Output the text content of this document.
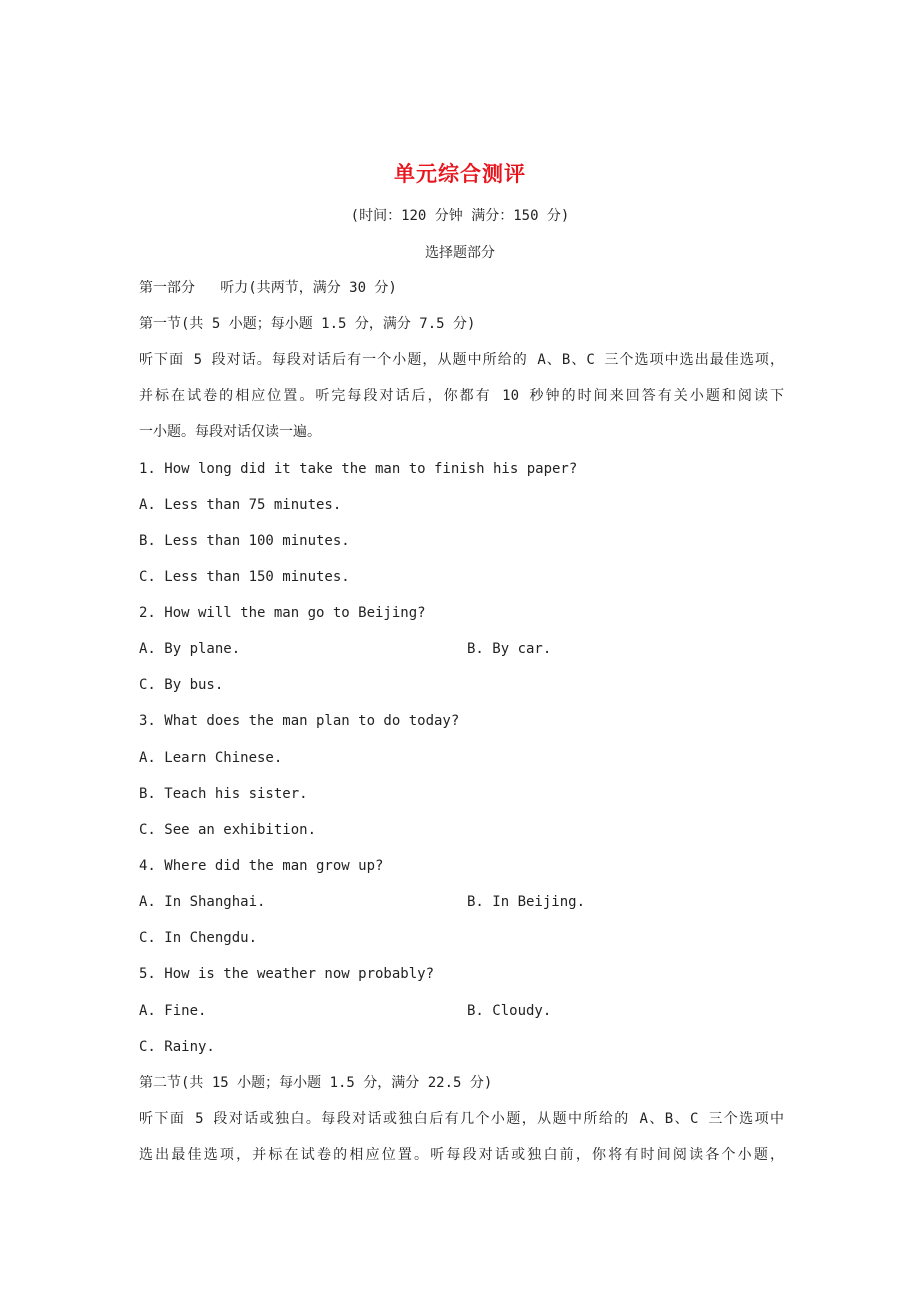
单元综合测评
(时间：120 分钟 满分：150 分)
选择题部分
第一部分   听力(共两节，满分 30 分)
第一节(共 5 小题；每小题 1.5 分，满分 7.5 分)
听下面 5 段对话。每段对话后有一个小题，从题中所给的 A、B、C 三个选项中选出最佳选项，
并标在试卷的相应位置。听完每段对话后，你都有 10 秒钟的时间来回答有关小题和阅读下
一小题。每段对话仅读一遍。
1. How long did it take the man to finish his paper?
A. Less than 75 minutes.
B. Less than 100 minutes.
C. Less than 150 minutes.
2. How will the man go to Beijing?
A. By plane.	B. By car.
C. By bus.
3. What does the man plan to do today?
A. Learn Chinese.
B. Teach his sister.
C. See an exhibition.
4. Where did the man grow up?
A. In Shanghai.	B. In Beijing.
C. In Chengdu.
5. How is the weather now probably?
A. Fine.	B. Cloudy.
C. Rainy.
第二节(共 15 小题；每小题 1.5 分，满分 22.5 分)
听下面 5 段对话或独白。每段对话或独白后有几个小题，从题中所给的 A、B、C 三个选项中
选出最佳选项，并标在试卷的相应位置。听每段对话或独白前，你将有时间阅读各个小题，
